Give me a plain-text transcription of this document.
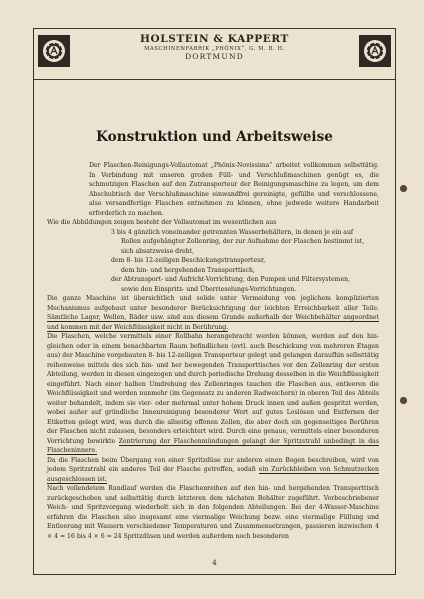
HOLSTEIN & KAPPERT
MASCHINENFABRIK „PHÖNIX“, G. M. B. H.
DORTMUND
Konstruktion und Arbeitsweise

Der Flaschen-Reinigungs-Vollautomat „Phönix-Novissima“ arbeitet vollkommen selbsttätig. In Verbindung mit unseren großen Füll- und Verschlußmaschinen genügt es, die schmutzigen Flaschen auf den Zutransporteur der Reinigungsmaschine zu legen, um dem Abschubtisch der Verschlußmaschine einwandfrei gereinigte, gefüllte und verschlossene, also versandfertige Flaschen entnehmen zu können, ohne jedwede weitere Handarbeit erforderlich zu machen.

Wie die Abbildungen zeigen besteht der Vollautomat im wesentlichen aus

3 bis 4 gänzlich voneinander getrennten Wasserbehältern, in denen je ein auf

Rollen aufgehängter Zellenring, der zur Aufnahme der Flaschen bestimmt ist,

sich absatzweise dreht,

dem 8- bis 12-zeiligen Beschickungstransporteur,

dem hin- und hergehenden Transporttisch,

der Abtransport- und Aufricht-Vorrichtung, den Pumpen und Filtersystemen,

sowie den Einspritz- und Überrieselungs-Vorrichtungen.

Die ganze Maschine ist übersichtlich und solide unter Vermeidung von jeglichem komplizierten Mechanismus aufgebaut unter besonderer Berücksichtigung der leichten Erreichbarkeit aller Teile. Sämtliche Lager, Wellen, Räder usw. sind aus diesem Grunde außerhalb der Weichbehälter angeordnet und kommen mit der Weichflüssigkeit nicht in Berührung.

Die Flaschen, welche vermittels einer Rollbahn herangebracht werden können, werden auf den hin- gleichen oder in einem benachbarten Raum befindlichen (evtl. auch Beschickung von mehreren Etagen aus) der Maschine vorgebauten 8- bis 12-zeiligen Transporteur gelegt und gelangen daraufhin selbsttätig reihenweise mittels des sich hin- und her bewegenden Transporttisches vor den Zellenring der ersten Abteilung, werden in diesen eingezogen und durch periodische Drehung desselben in die Weichflüssigkeit eingeführt. Nach einer halben Umdrehung des Zellenringes tauchen die Flaschen aus, entleeren die Weichflüssigkeit und werden nunmehr (im Gegensatz zu anderen Radweichern) in oberen Teil des Abteils weiter behandelt, indem sie vier- oder mehrmal unter hohem Druck innen und außen gespritzt werden, wobei außer auf gründliche Innenreinigung besonderer Wert auf gutes Loslösen und Entfernen der Etiketten gelegt wird, was durch die allseitig offenen Zellen, die aber doch ein gegenseitiges Berühren der Flaschen nicht zulassen, besonders erleichtert wird. Durch eine genaue, vermittels einer besonderen Vorrichtung bewirkte Zentrierung der Flaschenmündungen gelangt der Spritzstrahl unbedingt in das Flascheninnere.

Da die Flaschen beim Übergang von einer Spritzdüse zur anderen einen Bogen beschreiben, wird von jedem Spritzstrahl ein anderes Teil der Flasche getroffen, sodaß ein Zurückbleiben von Schmutzecken ausgeschlossen ist.

Nach vollendetem Rundlauf werden die Flaschenreihen auf den hin- und hergehenden Transporttisch zurückgeschoben und selbsttätig durch letzteren dem nächsten Behälter zugeführt. Vorbeschriebener Weich- und Spritzvorgang wiederholt sich in den folgenden Abteilungen. Bei der 4-Wasser-Maschine erfahren die Flaschen also insgesamt eine viermalige Weichung bezw. eine viermalige Füllung und Entleerung mit Wassern verschiedener Temperaturen und Zusammensetzungen, passieren inzwischen 4 × 4 = 16 bis 4 × 6 = 24 Spritzdüsen und werden außerdem noch besonderen

4
